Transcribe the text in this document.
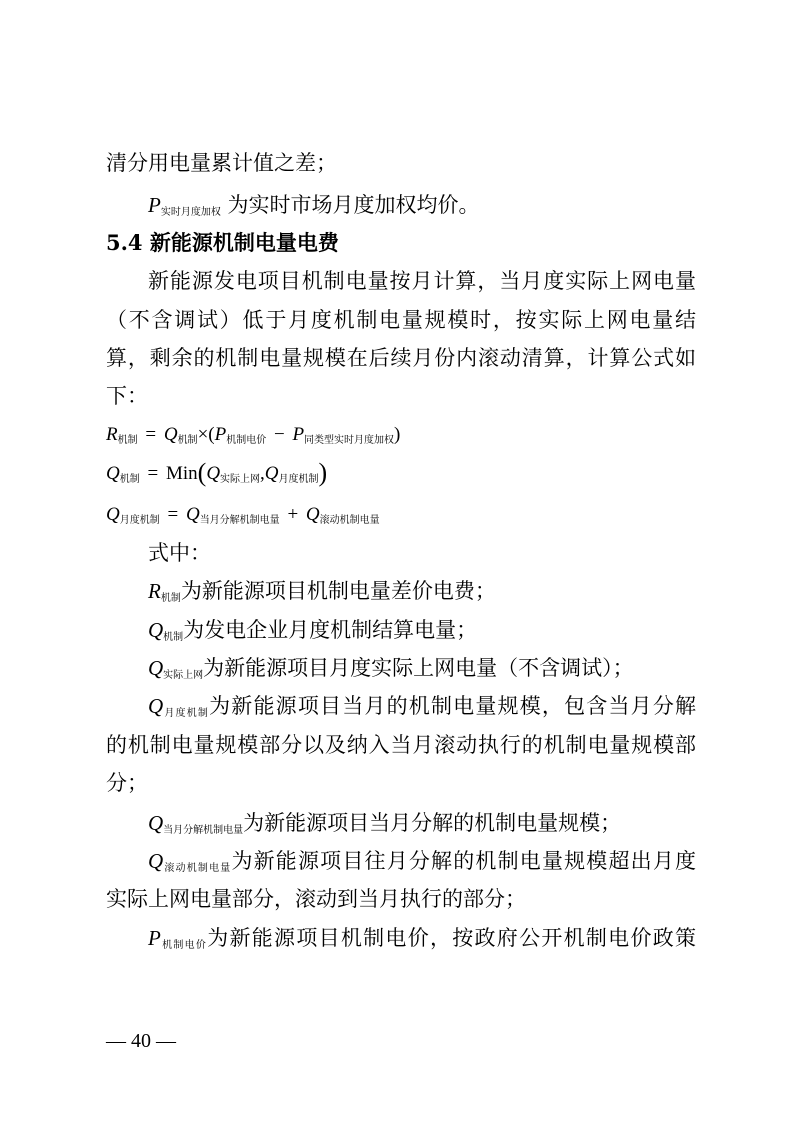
清分用电量累计值之差；
$P_{实时月度加权}$ 为实时市场月度加权均价。
5.4 新能源机制电量电费
新能源发电项目机制电量按月计算，当月度实际上网电量
（不含调试）低于月度机制电量规模时，按实际上网电量结
算，剩余的机制电量规模在后续月份内滚动清算，计算公式如
下：
$R_{机制} = Q_{机制}\times(P_{机制电价} - P_{同类型实时月度加权})$
$Q_{机制} = Min(Q_{实际上网},Q_{月度机制})$
$Q_{月度机制} = Q_{当月分解机制电量} + Q_{滚动机制电量}$
式中：
$R_{机制}$为新能源项目机制电量差价电费；
$Q_{机制}$为发电企业月度机制结算电量；
$Q_{实际上网}$为新能源项目月度实际上网电量（不含调试）；
$Q_{月度机制}$为新能源项目当月的机制电量规模，包含当月分解
的机制电量规模部分以及纳入当月滚动执行的机制电量规模部
分；
$Q_{当月分解机制电量}$为新能源项目当月分解的机制电量规模；
$Q_{滚动机制电量}$为新能源项目往月分解的机制电量规模超出月度
实际上网电量部分，滚动到当月执行的部分；
$P_{机制电价}$为新能源项目机制电价，按政府公开机制电价政策
— 40 —
